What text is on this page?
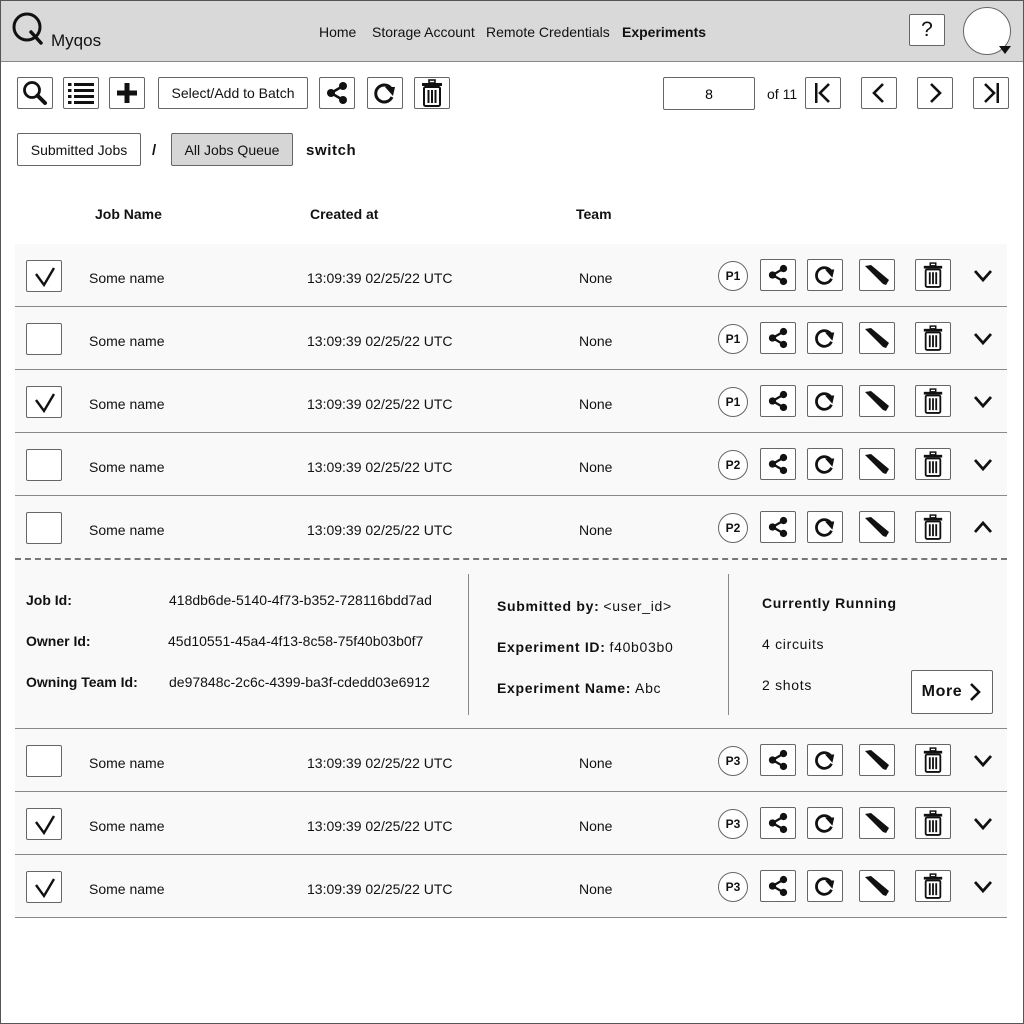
Myqos	Home Storage Account Remote Credentials Experiments	?
Select/Add to Batch
8	of 11
Submitted Jobs	/	All Jobs Queue	switch
Job Name	Created at	Team
Some name	13:09:39 02/25/22 UTC	None	P1
Some name	13:09:39 02/25/22 UTC	None	P1
Some name	13:09:39 02/25/22 UTC	None	P1
Some name	13:09:39 02/25/22 UTC	None	P2
Some name	13:09:39 02/25/22 UTC	None	P2
Some name	13:09:39 02/25/22 UTC	None	P3
Some name	13:09:39 02/25/22 UTC	None	P3
Some name	13:09:39 02/25/22 UTC	None	P3
Job Id:	418db6de-5140-4f73-b352-728116bdd7ad
Owner Id:	45d10551-45a4-4f13-8c58-75f40b03b0f7
Owning Team Id: de97848c-2c6c-4399-ba3f-cdedd03e6912
Submitted by: <user_id>
Experiment ID: f40b03b0
Experiment Name: Abc
Currently Running
4 circuits
2 shots	More
